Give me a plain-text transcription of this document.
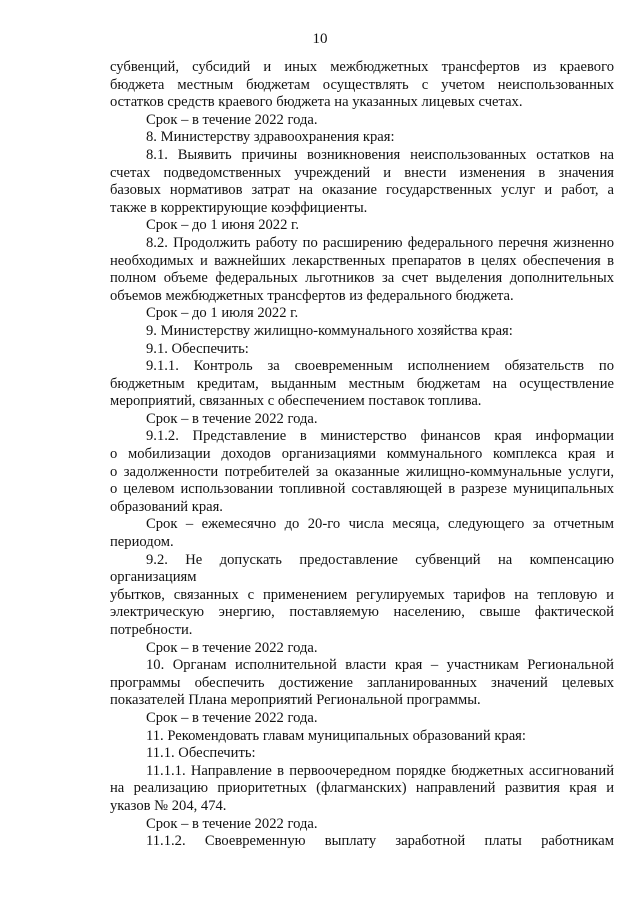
10
субвенций, субсидий и иных межбюджетных трансфертов из краевого
бюджета местным бюджетам осуществлять с учетом неиспользованных
остатков средств краевого бюджета на указанных лицевых счетах.
Срок – в течение 2022 года.
8. Министерству здравоохранения края:
8.1. Выявить причины возникновения неиспользованных остатков на
счетах подведомственных учреждений и внести изменения в значения
базовых нормативов затрат на оказание государственных услуг и работ, а
также в корректирующие коэффициенты.
Срок – до 1 июня 2022 г.
8.2. Продолжить работу по расширению федерального перечня жизненно
необходимых и важнейших лекарственных препаратов в целях обеспечения в
полном объеме федеральных льготников за счет выделения дополнительных
объемов межбюджетных трансфертов из федерального бюджета.
Срок – до 1 июля 2022 г.
9. Министерству жилищно-коммунального хозяйства края:
9.1. Обеспечить:
9.1.1. Контроль за своевременным исполнением обязательств по
бюджетным кредитам, выданным местным бюджетам на осуществление
мероприятий, связанных с обеспечением поставок топлива.
Срок – в течение 2022 года.
9.1.2. Представление в министерство финансов края информации
о мобилизации доходов организациями коммунального комплекса края и
о задолженности потребителей за оказанные жилищно-коммунальные услуги,
о целевом использовании топливной составляющей в разрезе муниципальных
образований края.
Срок – ежемесячно до 20-го числа месяца, следующего за отчетным
периодом.
9.2. Не допускать предоставление субвенций на компенсацию организациям
убытков, связанных с применением регулируемых тарифов на тепловую и
электрическую энергию, поставляемую населению, свыше фактической
потребности.
Срок – в течение 2022 года.
10. Органам исполнительной власти края – участникам Региональной
программы обеспечить достижение запланированных значений целевых
показателей Плана мероприятий Региональной программы.
Срок – в течение 2022 года.
11. Рекомендовать главам муниципальных образований края:
11.1. Обеспечить:
11.1.1. Направление в первоочередном порядке бюджетных ассигнований
на реализацию приоритетных (флагманских) направлений развития края и
указов № 204, 474.
Срок – в течение 2022 года.
11.1.2. Своевременную выплату заработной платы работникам
